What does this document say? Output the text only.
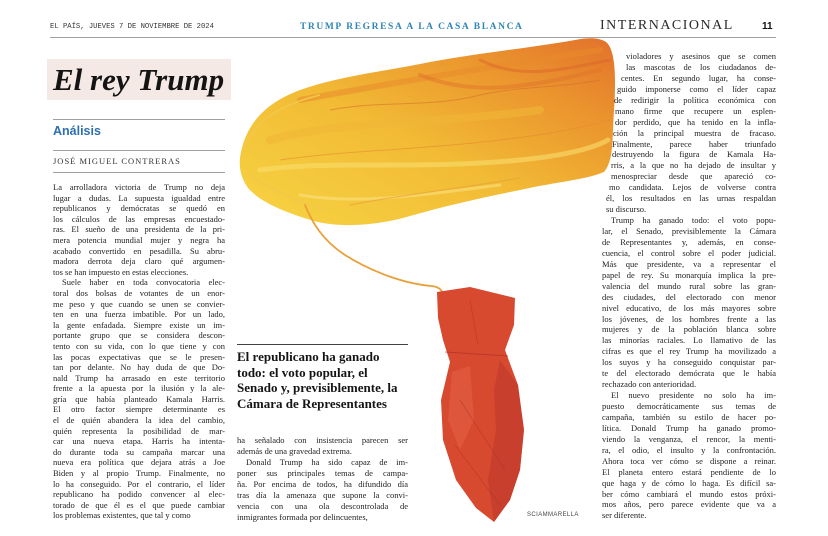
EL PAÍS, JUEVES 7 DE NOVIEMBRE DE 2024	TRUMP REGRESA A LA CASA BLANCA	INTERNACIONAL	11
SCIAMMARELLA
El rey Trump
Análisis
JOSÉ MIGUEL CONTRERAS
La arrolladora victoria de Trump no deja
lugar a dudas. La supuesta igualdad entre
republicanos y demócratas se quedó en
los cálculos de las empresas encuestado-
ras. El sueño de una presidenta de la pri-
mera potencia mundial mujer y negra ha
acabado convertido en pesadilla. Su abru-
madora derrota deja claro qué argumen-
tos se han impuesto en estas elecciones.
Suele haber en toda convocatoria elec-
toral dos bolsas de votantes de un enor-
me peso y que cuando se unen se convier-
ten en una fuerza imbatible. Por un lado,
la gente enfadada. Siempre existe un im-
portante grupo que se considera descon-
tento con su vida, con lo que tiene y con
las pocas expectativas que se le presen-
tan por delante. No hay duda de que Do-
nald Trump ha arrasado en este territorio
frente a la apuesta por la ilusión y la ale-
gría que había planteado Kamala Harris.
El otro factor siempre determinante es
el de quién abandera la idea del cambio,
quién representa la posibilidad de mar-
car una nueva etapa. Harris ha intenta-
do durante toda su campaña marcar una
nueva era política que dejara atrás a Joe
Biden y al propio Trump. Finalmente, no
lo ha conseguido. Por el contrario, el líder
republicano ha podido convencer al elec-
torado de que él es el que puede cambiar
los problemas existentes, que tal y como
ha señalado con insistencia parecen ser
además de una gravedad extrema.
Donald Trump ha sido capaz de im-
poner sus principales temas de campa-
ña. Por encima de todos, ha difundido día
tras día la amenaza que supone la convi-
vencia con una ola descontrolada de
inmigrantes formada por delincuentes,
violadores y asesinos que se comen
las mascotas de los ciudadanos de-
centes. En segundo lugar, ha conse-
guido imponerse como el líder capaz
de redirigir la política económica con
mano firme que recupere un esplen-
dor perdido, que ha tenido en la infla-
ción la principal muestra de fracaso.
Finalmente, parece haber triunfado
destruyendo la figura de Kamala Ha-
rris, a la que no ha dejado de insultar y
menospreciar desde que apareció co-
mo candidata. Lejos de volverse contra
él, los resultados en las urnas respaldan
su discurso.
Trump ha ganado todo: el voto popu-
lar, el Senado, previsiblemente la Cámara
de Representantes y, además, en conse-
cuencia, el control sobre el poder judicial.
Más que presidente, va a representar el
papel de rey. Su monarquía implica la pre-
valencia del mundo rural sobre las gran-
des ciudades, del electorado con menor
nivel educativo, de los más mayores sobre
los jóvenes, de los hombres frente a las
mujeres y de la población blanca sobre
las minorías raciales. Lo llamativo de las
cifras es que el rey Trump ha movilizado a
los suyos y ha conseguido conquistar par-
te del electorado demócrata que le había
rechazado con anterioridad.
El nuevo presidente no solo ha im-
puesto democráticamente sus temas de
campaña, también su estilo de hacer po-
lítica. Donald Trump ha ganado promo-
viendo la venganza, el rencor, la menti-
ra, el odio, el insulto y la confrontación.
Ahora toca ver cómo se dispone a reinar.
El planeta entero estará pendiente de lo
que haga y de cómo lo haga. Es difícil sa-
ber cómo cambiará el mundo estos próxi-
mos años, pero parece evidente que va a
ser diferente.
El republicano ha ganado
todo: el voto popular, el
Senado y, previsiblemente, la
Cámara de Representantes
